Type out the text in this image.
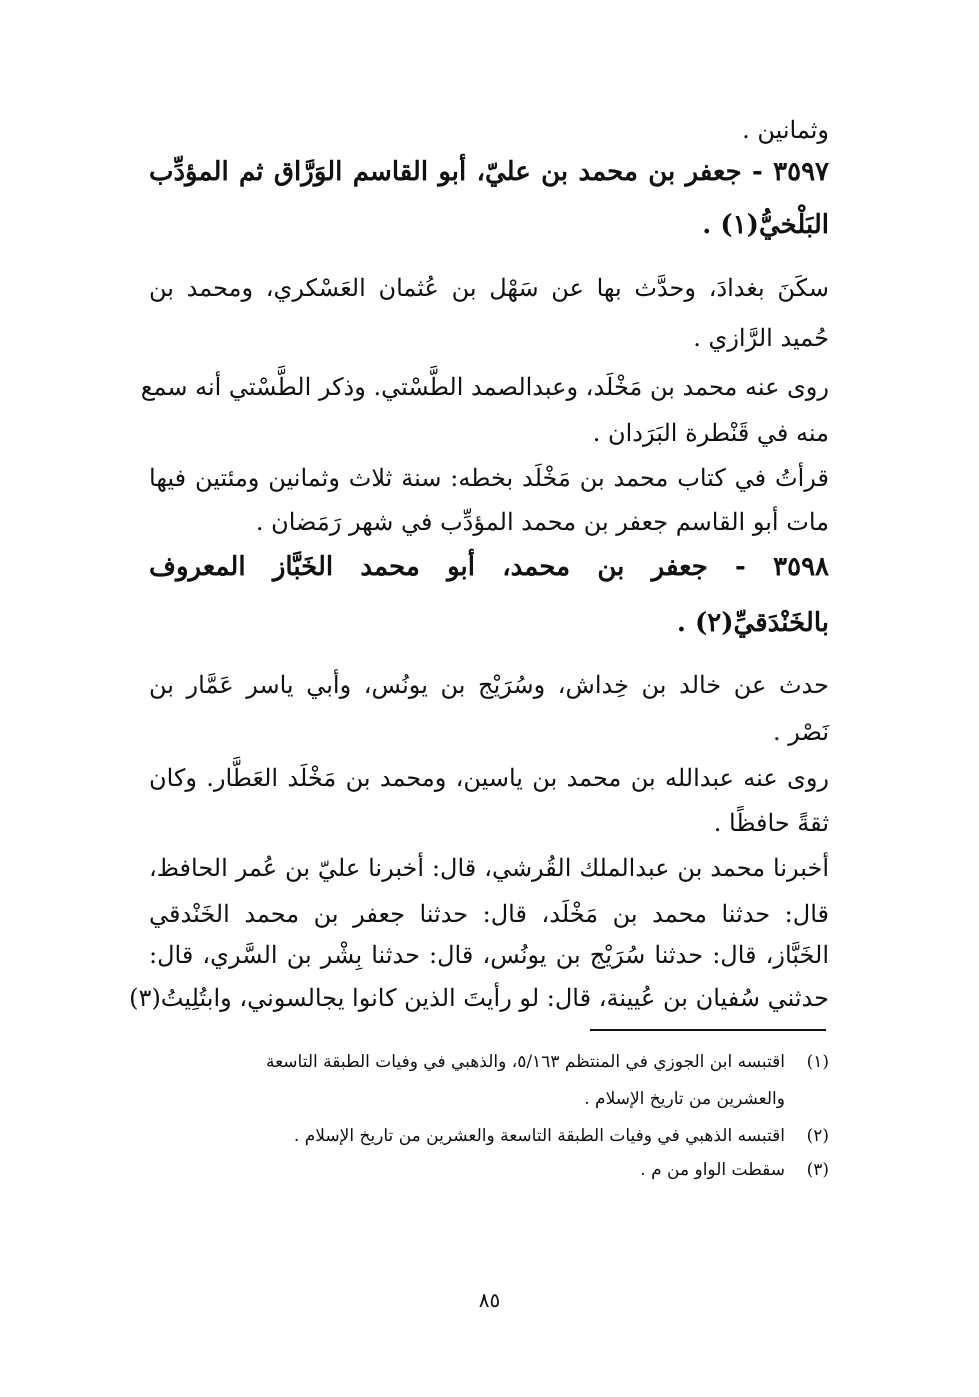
وثمانين .
٣٥٩٧ - جعفر بن محمد بن عليّ، أبو القاسم الوَرَّاق ثم المؤدِّب
البَلْخيُّ(١) .
سكَنَ بغدادَ، وحدَّث بها عن سَهْل بن عُثمان العَسْكري، ومحمد بن
حُميد الرَّازي .
روى عنه محمد بن مَخْلَد، وعبدالصمد الطَّسْتي. وذكر الطَّسْتي أنه سمع
منه في قَنْطرة البَرَدان .
قرأتُ في كتاب محمد بن مَخْلَد بخطه: سنة ثلاث وثمانين ومئتين فيها
مات أبو القاسم جعفر بن محمد المؤدِّب في شهر رَمَضان .
٣٥٩٨ - جعفر بن محمد، أبو محمد الخَبَّاز المعروف
بالخَنْدَقيِّ(٢) .
حدث عن خالد بن خِداش، وسُرَيْج بن يونُس، وأبي ياسر عَمَّار بن
نَصْر .
روى عنه عبدالله بن محمد بن ياسين، ومحمد بن مَخْلَد العَطَّار. وكان
ثقةً حافظًا .
أخبرنا محمد بن عبدالملك القُرشي، قال: أخبرنا عليّ بن عُمر الحافظ،
قال: حدثنا محمد بن مَخْلَد، قال: حدثنا جعفر بن محمد الخَنْدقي
الخَبَّاز، قال: حدثنا سُرَيْج بن يونُس، قال: حدثنا بِشْر بن السَّري، قال:
حدثني سُفيان بن عُيينة، قال: لو رأيتَ الذين كانوا يجالسوني، وابتُلِيتُ(٣)
(١)اقتبسه ابن الجوزي في المنتظم ٥/١٦٣، والذهبي في وفيات الطبقة التاسعة
والعشرين من تاريخ الإسلام .
(٢)اقتبسه الذهبي في وفيات الطبقة التاسعة والعشرين من تاريخ الإسلام .
(٣)سقطت الواو من م .
٨٥
